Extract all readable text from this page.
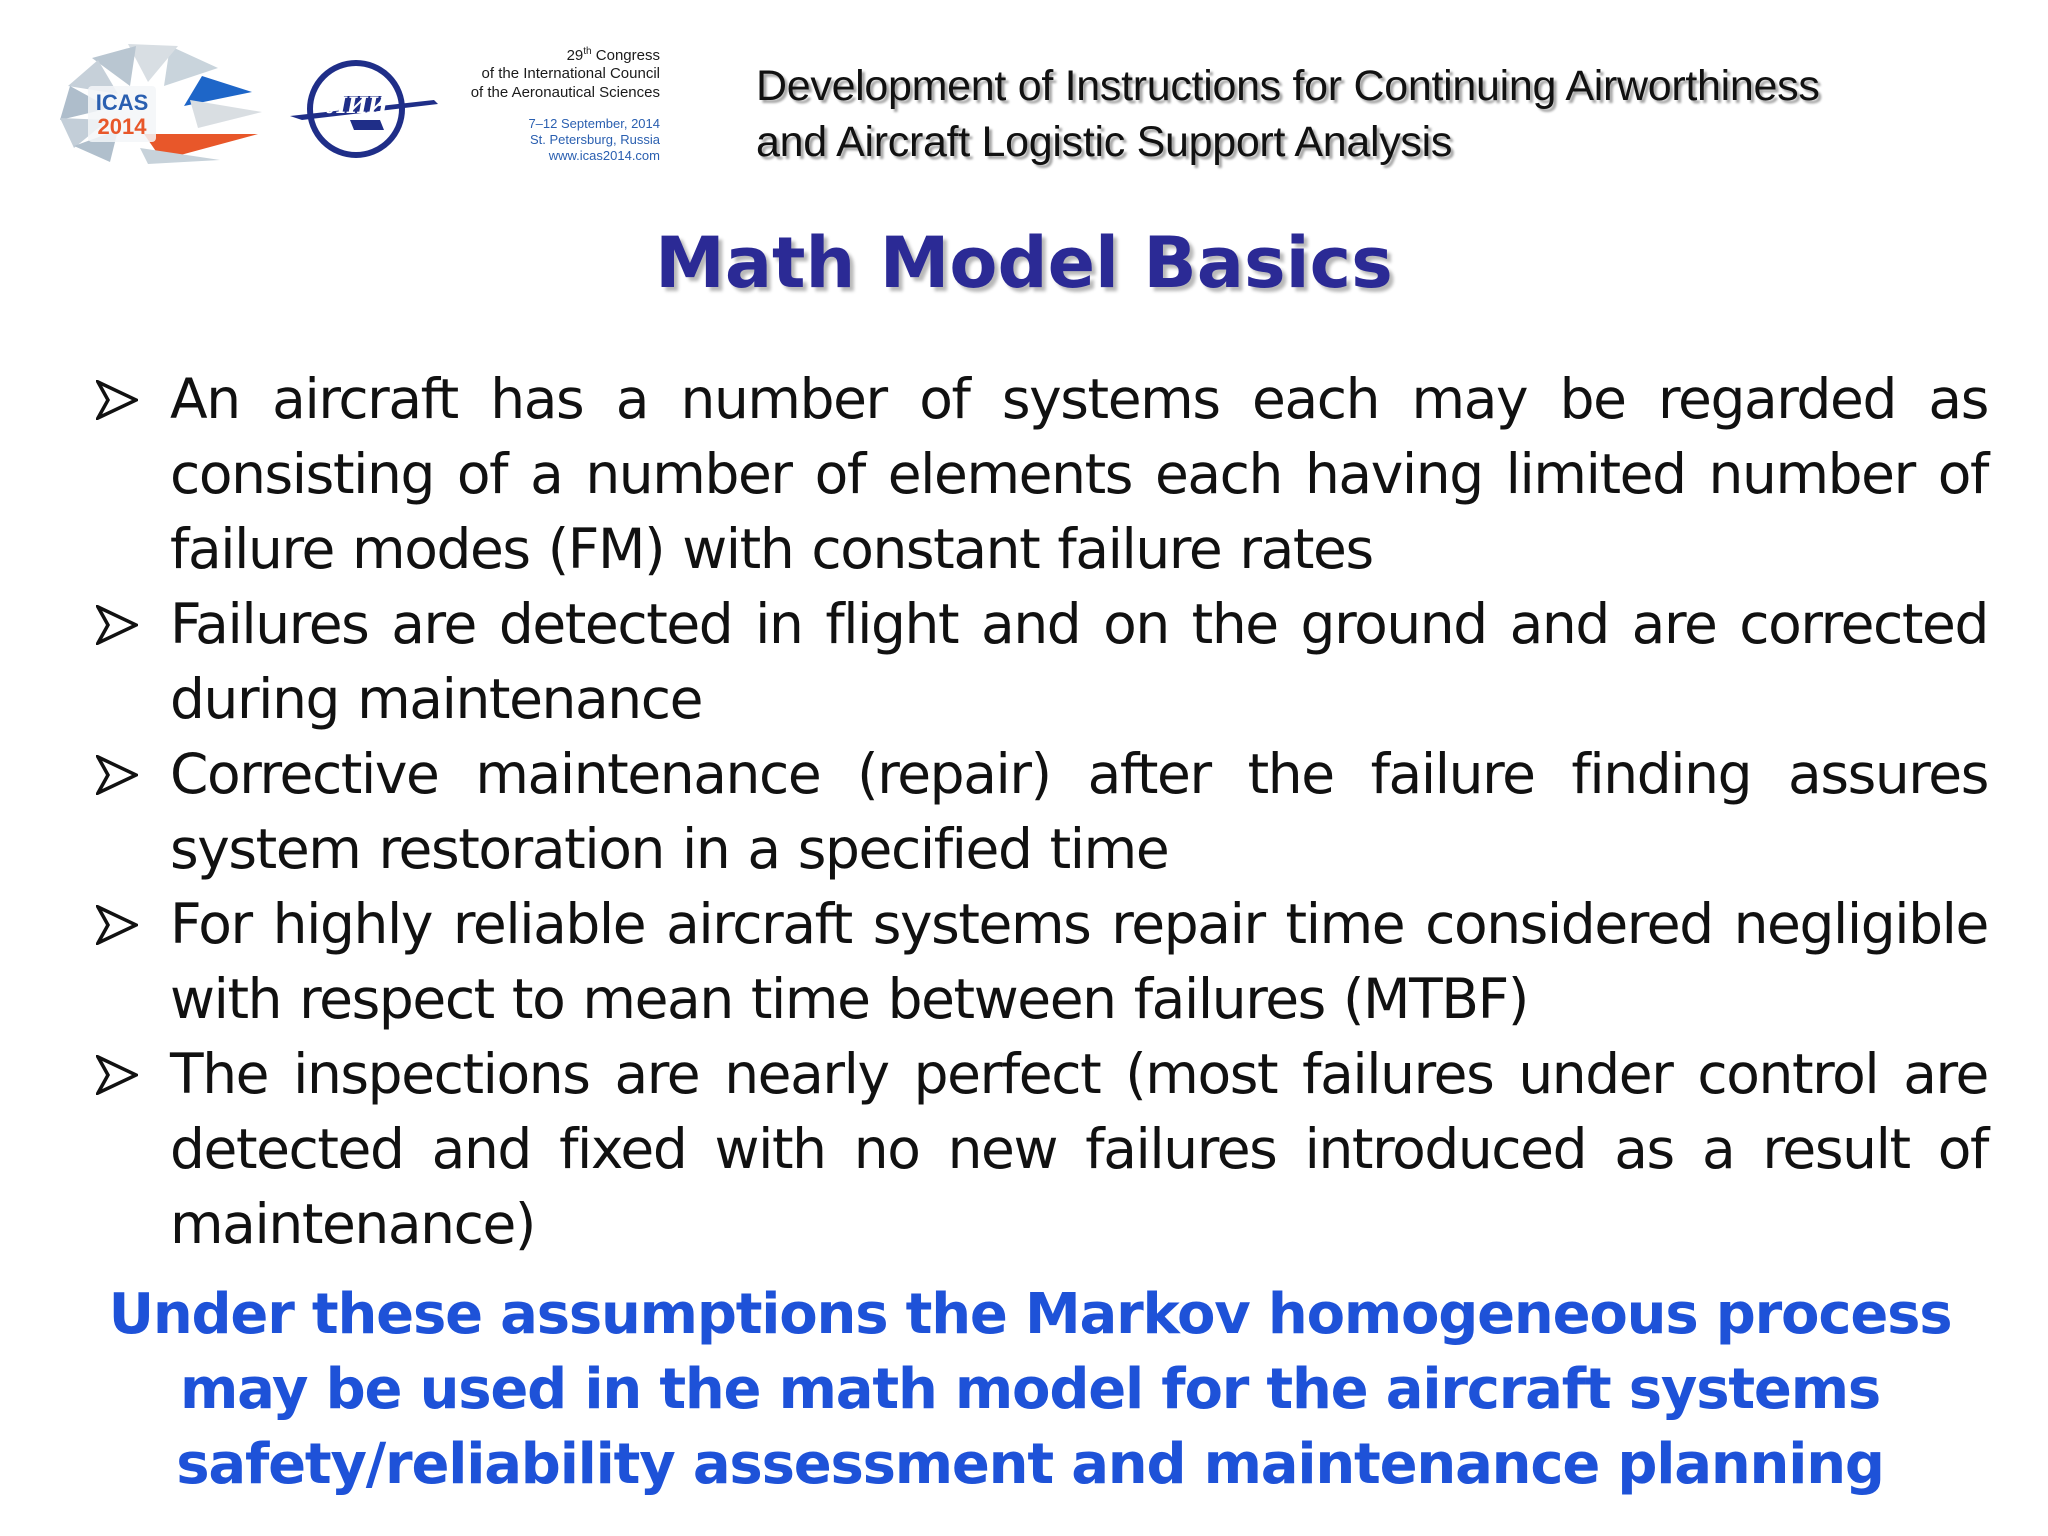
ICAS
2014
ЛИИ
29th Congress
of the International Council
of the Aeronautical Sciences
7–12 September, 2014
St. Petersburg, Russia
www.icas2014.com
Development of Instructions for Continuing Airworthiness
and Aircraft Logistic Support Analysis
Math Model Basics
An aircraft has a number of systems each may be regarded as consisting of a number of elements each having limited number of failure modes (FM) with constant failure rates
Failures are detected in flight and on the ground and are corrected during maintenance
Corrective maintenance (repair) after the failure finding assures system restoration in a specified time
For highly reliable aircraft systems repair time considered negligible with respect to mean time between failures (MTBF)
The inspections are nearly perfect (most failures under control are detected and fixed with no new failures introduced as a result of maintenance)
Under these assumptions the Markov homogeneous process
may be used in the math model for the aircraft systems
safety/reliability assessment and maintenance planning
